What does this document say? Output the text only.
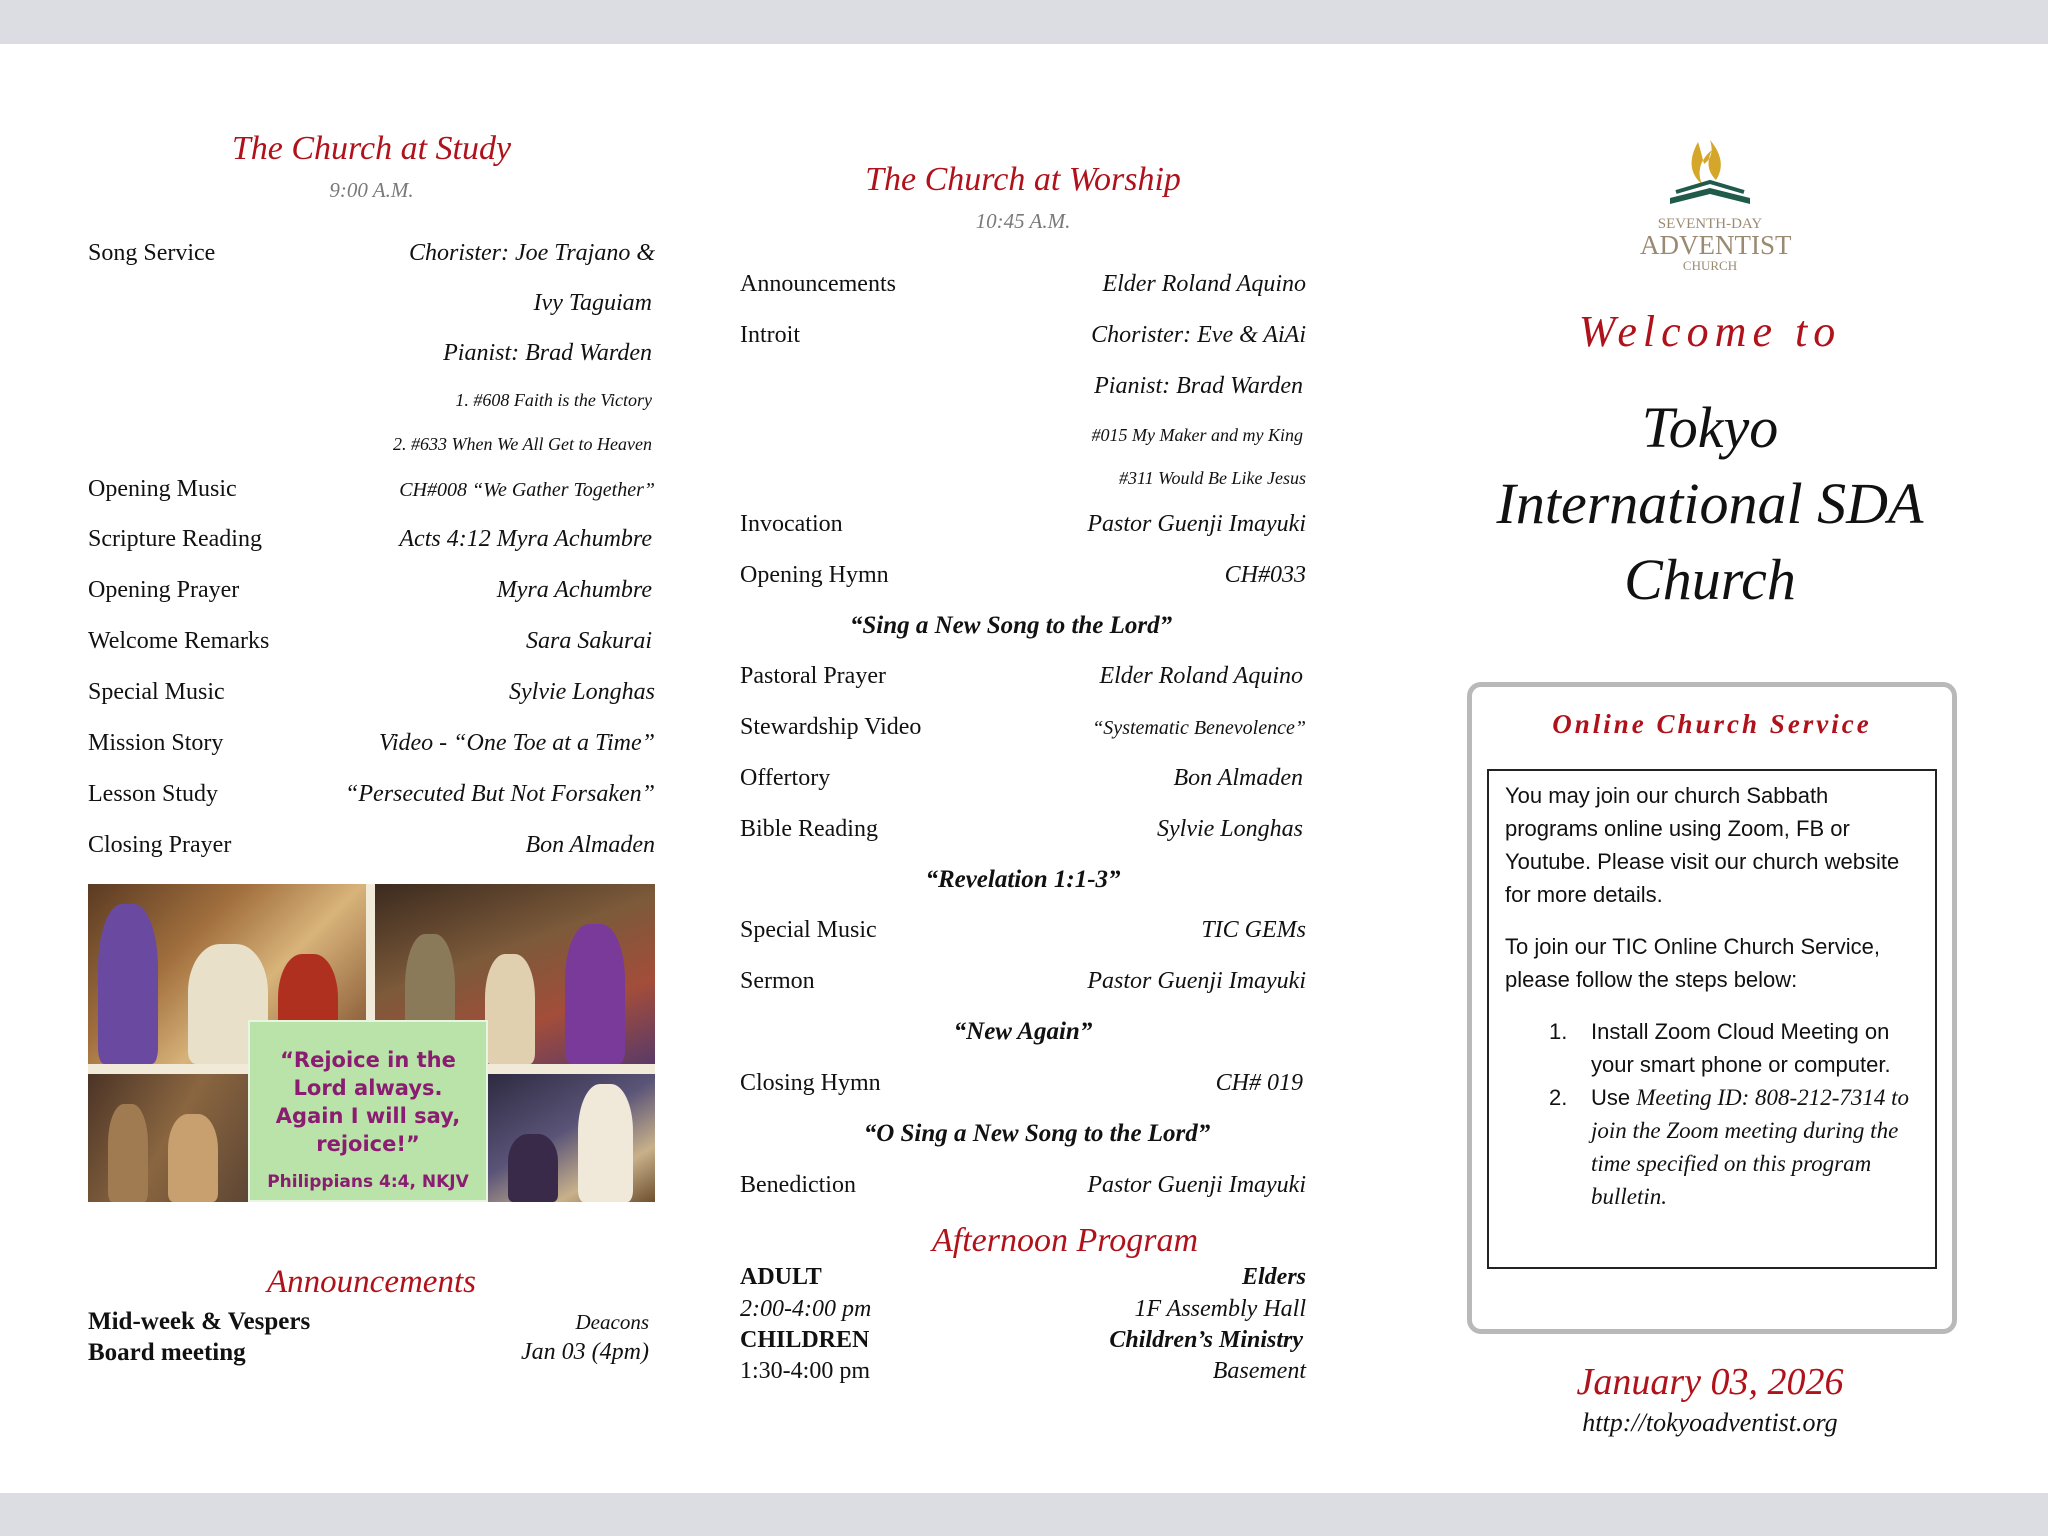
The Church at Study
9:00 A.M.
Song Service	Chorister: Joe Trajano &
Ivy Taguiam
Pianist: Brad Warden
1. #608 Faith is the Victory
2. #633 When We All Get to Heaven
Opening Music	CH#008 “We Gather Together”
Scripture Reading	Acts 4:12 Myra Achumbre
Opening Prayer	Myra Achumbre
Welcome Remarks	Sara Sakurai
Special Music	Sylvie Longhas
Mission Story	Video - “One Toe at a Time”
Lesson Study	“Persecuted But Not Forsaken”
Closing Prayer	Bon Almaden
“Rejoice in the Lord always. Again I will say, rejoice!”
Philippians 4:4, NKJV
Announcements
Mid-week & Vespers	Deacons
Board meeting	Jan 03 (4pm)
The Church at Worship
10:45 A.M.
Announcements	Elder Roland Aquino
Introit	Chorister: Eve & AiAi
Pianist: Brad Warden
#015 My Maker and my King
#311 Would Be Like Jesus
Invocation	Pastor Guenji Imayuki
Opening Hymn	CH#033
“Sing a New Song to the Lord”
Pastoral Prayer	Elder Roland Aquino
Stewardship Video	“Systematic Benevolence”
Offertory	Bon Almaden
Bible Reading	Sylvie Longhas
“Revelation 1:1-3”
Special Music	TIC GEMs
Sermon	Pastor Guenji Imayuki
“New Again”
Closing Hymn	CH# 019
“O Sing a New Song to the Lord”
Benediction	Pastor Guenji Imayuki
Afternoon Program
ADULT	Elders
2:00-4:00 pm	1F Assembly Hall
CHILDREN	Children’s Ministry
1:30-4:00 pm	Basement
SEVENTH-DAY
ADVENTIST
CHURCH
Welcome to
Tokyo
International SDA
Church
Online Church Service

You may join our church Sabbath programs online using Zoom, FB or Youtube. Please visit our church website for more details.

To join our TIC Online Church Service, please follow the steps below:

1. Install Zoom Cloud Meeting on your smart phone or computer.
2. Use Meeting ID: 808-212-7314 to join the Zoom meeting during the time specified on this program bulletin.
January 03, 2026
http://tokyoadventist.org
